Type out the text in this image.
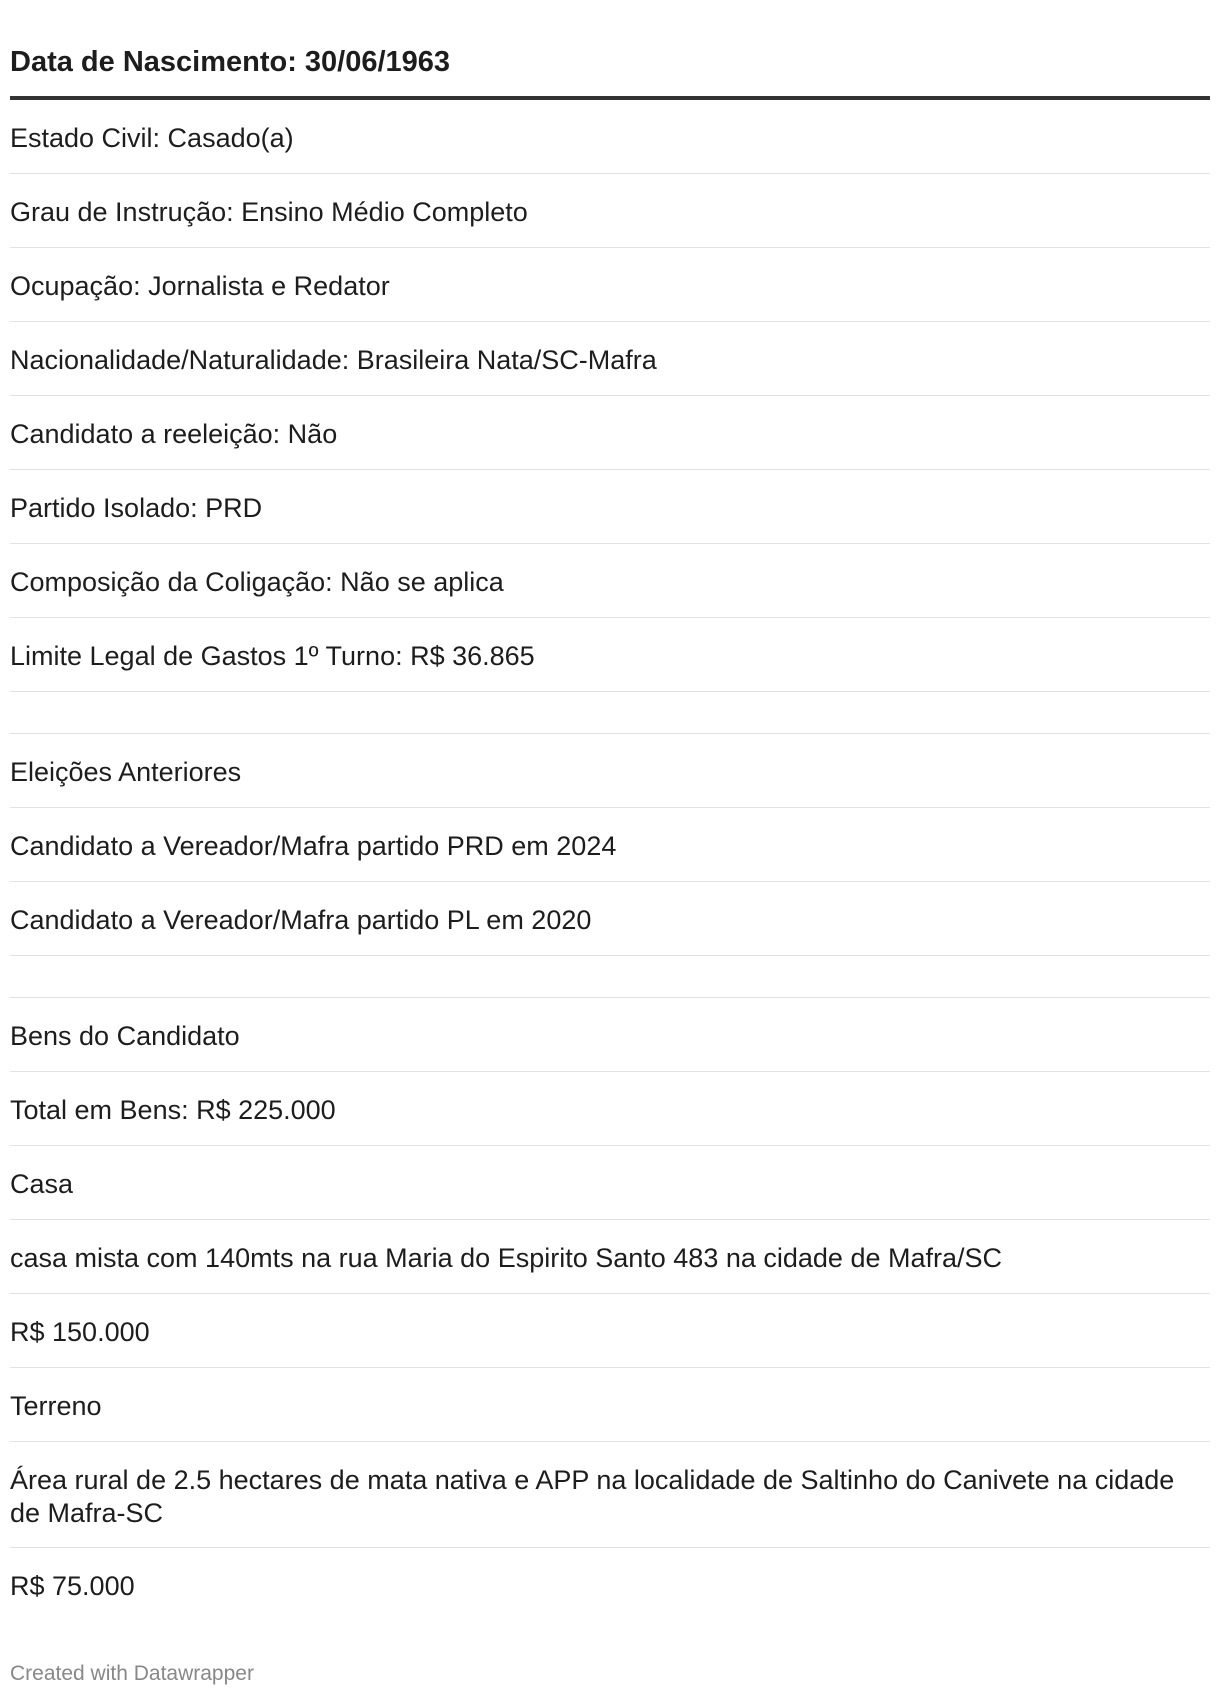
Data de Nascimento: 30/06/1963
Estado Civil: Casado(a)
Grau de Instrução: Ensino Médio Completo
Ocupação: Jornalista e Redator
Nacionalidade/Naturalidade: Brasileira Nata/SC-Mafra
Candidato a reeleição: Não
Partido Isolado: PRD
Composição da Coligação: Não se aplica
Limite Legal de Gastos 1º Turno: R$ 36.865
Eleições Anteriores
Candidato a Vereador/Mafra partido PRD em 2024
Candidato a Vereador/Mafra partido PL em 2020
Bens do Candidato
Total em Bens: R$ 225.000
Casa
casa mista com 140mts na rua Maria do Espirito Santo 483 na cidade de Mafra/SC
R$ 150.000
Terreno
Área rural de 2.5 hectares de mata nativa e APP na localidade de Saltinho do Canivete na cidade de Mafra-SC
R$ 75.000
Created with Datawrapper
